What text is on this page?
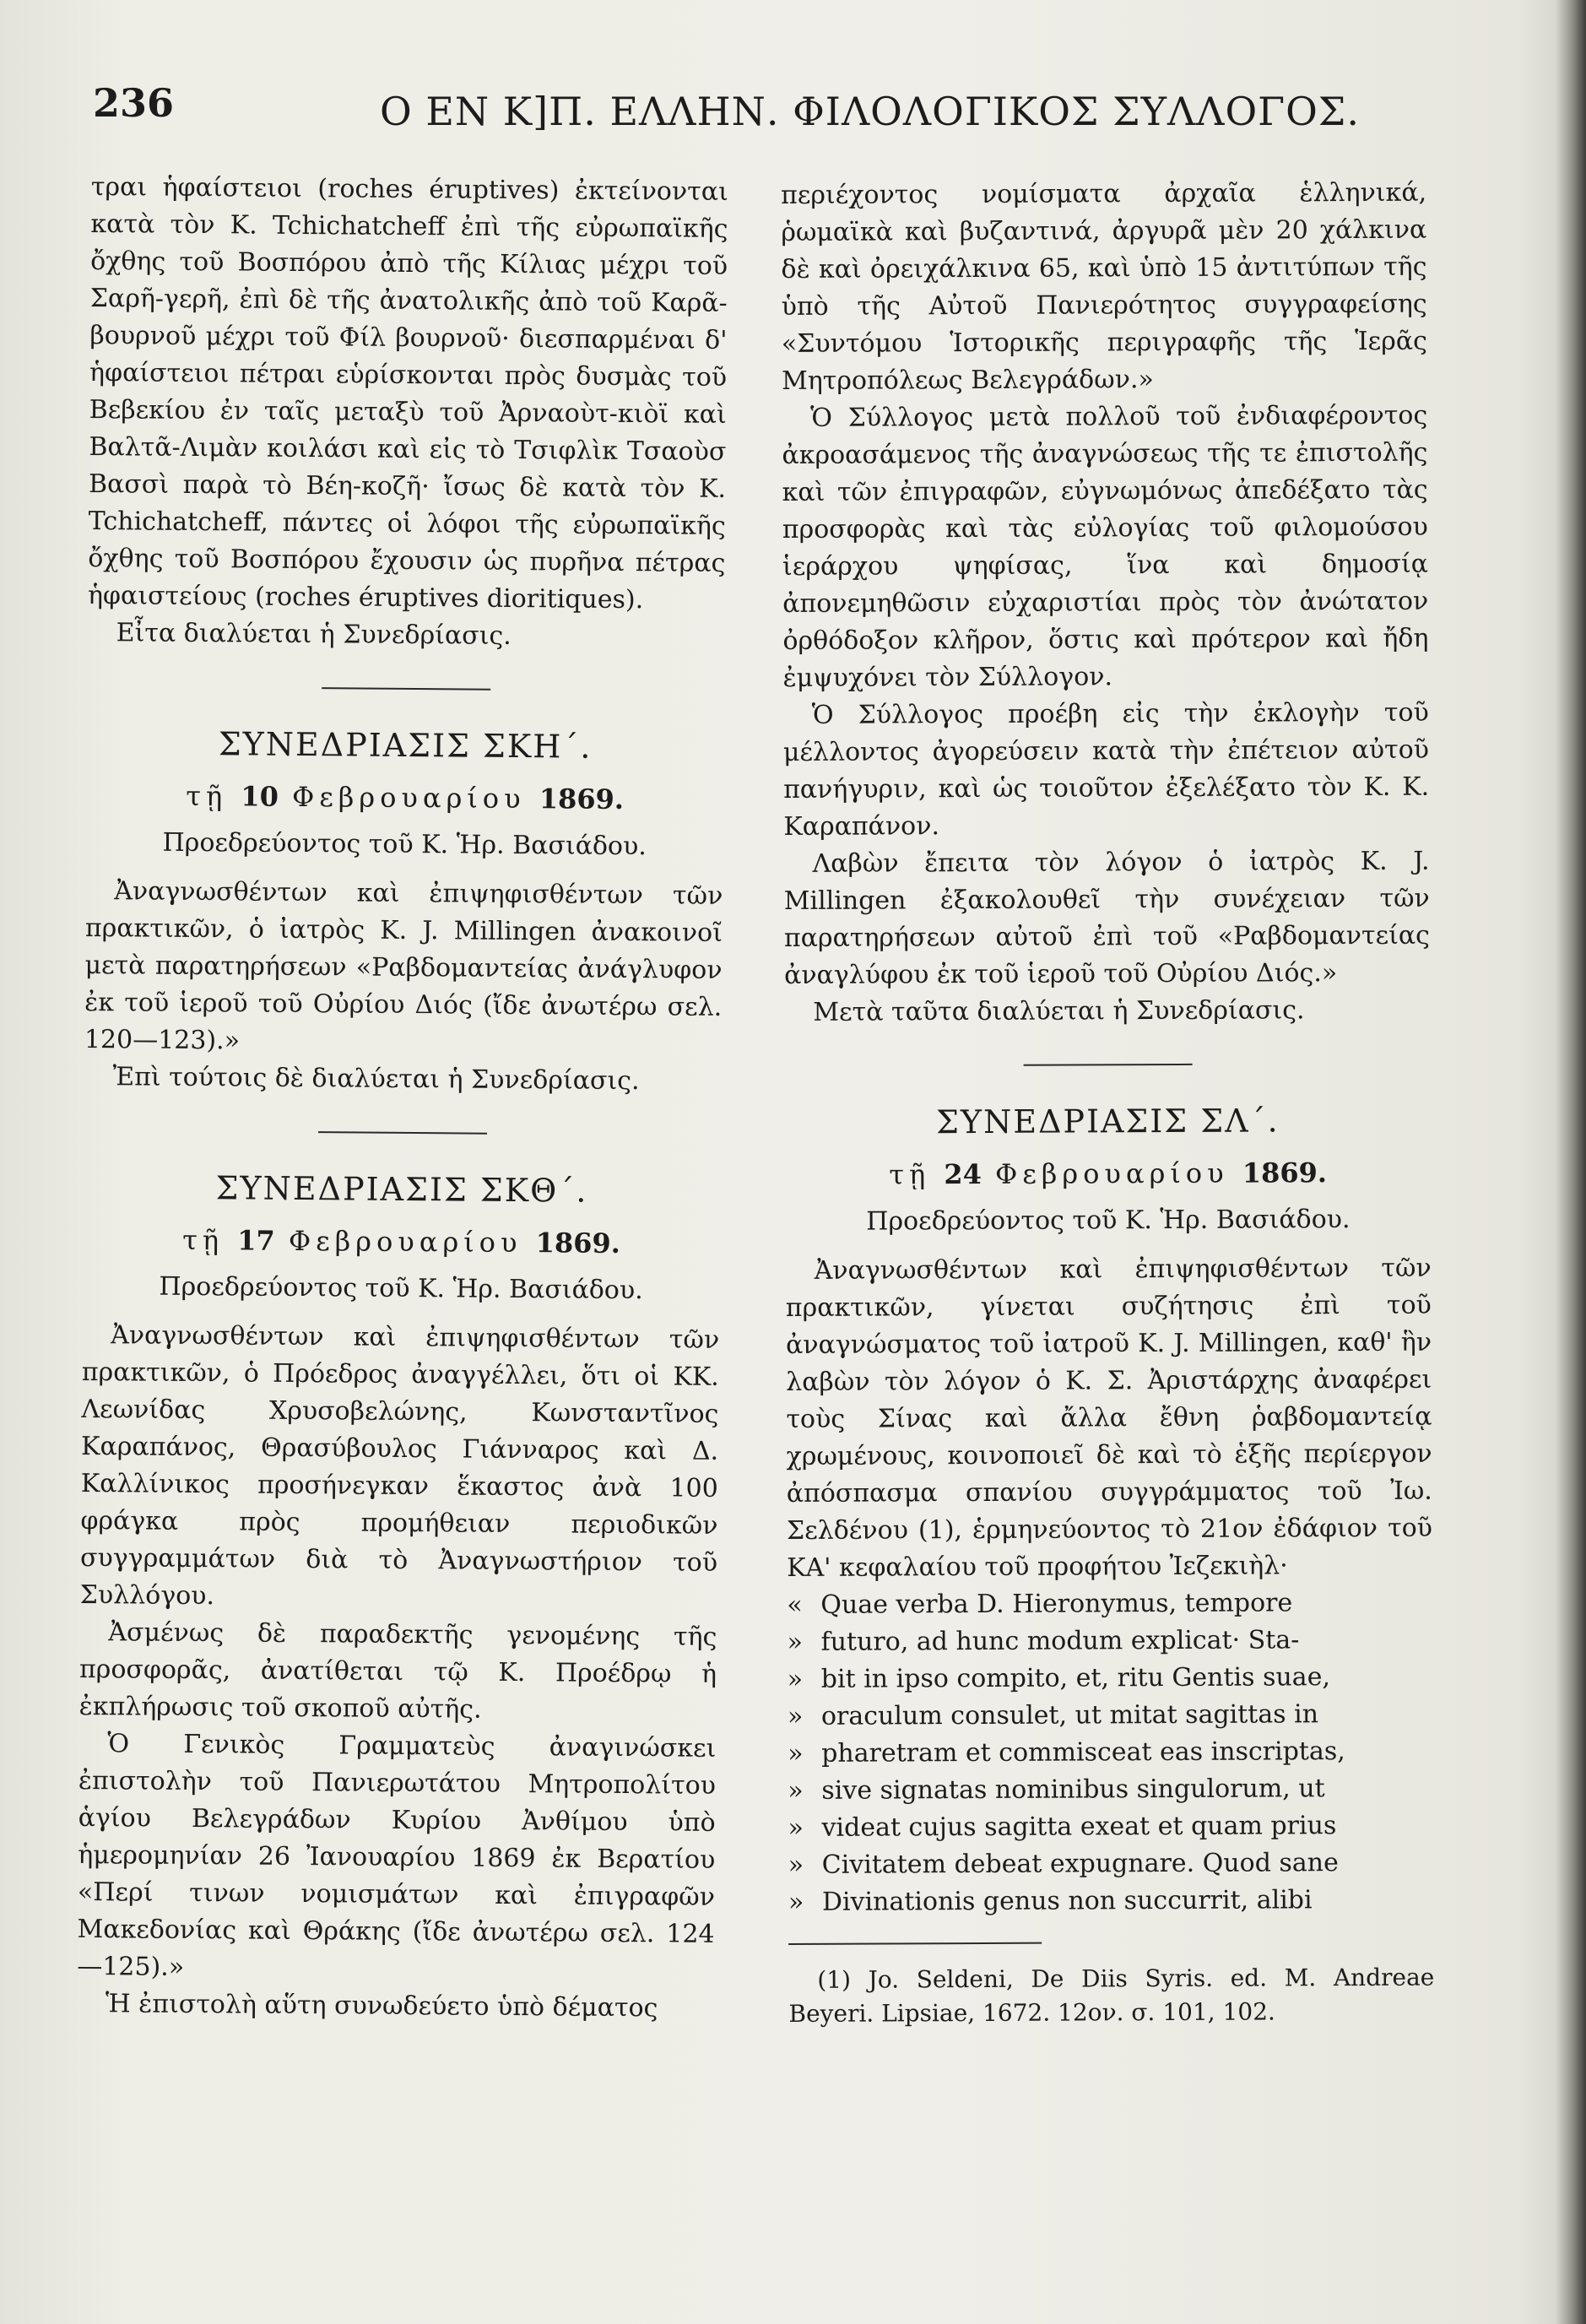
236	Ο ΕΝ Κ]Π. ΕΛΛΗΝ. ΦΙΛΟΛΟΓΙΚΟΣ ΣΥΛΛΟΓΟΣ.

τραι ἡφαίστειοι (roches éruptives) ἐκτείνονται κατὰ τὸν Κ. Tchichatcheff ἐπὶ τῆς εὐρωπαϊκῆς ὄχθης τοῦ Βοσπόρου ἀπὸ τῆς Κίλιας μέχρι τοῦ Σαρῆ-γερῆ, ἐπὶ δὲ τῆς ἀνατολικῆς ἀπὸ τοῦ Καρᾶ-βουρνοῦ μέχρι τοῦ Φίλ βουρνοῦ· διεσπαρμέναι δ' ἡφαίστειοι πέτραι εὑρίσκονται πρὸς δυσμὰς τοῦ Βεβεκίου ἐν ταῖς μεταξὺ τοῦ Ἀρναοὺτ-κιὸϊ καὶ Βαλτᾶ-Λιμὰν κοιλάσι καὶ εἰς τὸ Τσιφλὶκ Τσαοὺσ Βασσὶ παρὰ τὸ Βέη-κοζῆ· ἴσως δὲ κατὰ τὸν Κ. Tchichatcheff, πάντες οἱ λόφοι τῆς εὐρωπαϊκῆς ὄχθης τοῦ Βοσπόρου ἔχουσιν ὡς πυρῆνα πέτρας ἡφαιστείους (roches éruptives dioritiques).

Εἶτα διαλύεται ἡ Συνεδρίασις.

ΣΥΝΕΔΡΙΑΣΙΣ ΣΚΗ΄.

τῇ 10 Φεβρουαρίου 1869.

Προεδρεύοντος τοῦ Κ. Ἡρ. Βασιάδου.

Ἀναγνωσθέντων καὶ ἐπιψηφισθέντων τῶν πρακτικῶν, ὁ ἰατρὸς Κ. J. Millingen ἀνακοινοῖ μετὰ παρατηρήσεων «Ραβδομαντείας ἀνάγλυφον ἐκ τοῦ ἱεροῦ τοῦ Οὐρίου Διός (ἴδε ἀνωτέρω σελ. 120—123).»

Ἐπὶ τούτοις δὲ διαλύεται ἡ Συνεδρίασις.

ΣΥΝΕΔΡΙΑΣΙΣ ΣΚΘ΄.

τῇ 17 Φεβρουαρίου 1869.

Προεδρεύοντος τοῦ Κ. Ἡρ. Βασιάδου.

Ἀναγνωσθέντων καὶ ἐπιψηφισθέντων τῶν πρακτικῶν, ὁ Πρόεδρος ἀναγγέλλει, ὅτι οἱ ΚΚ. Λεωνίδας Χρυσοβελώνης, Κωνσταντῖνος Καραπάνος, Θρασύβουλος Γιάνναρος καὶ Δ. Καλλίνικος προσήνεγκαν ἕκαστος ἀνὰ 100 φράγκα πρὸς προμήθειαν περιοδικῶν συγγραμμάτων διὰ τὸ Ἀναγνωστήριον τοῦ Συλλόγου.

Ἀσμένως δὲ παραδεκτῆς γενομένης τῆς προσφορᾶς, ἀνατίθεται τῷ Κ. Προέδρῳ ἡ ἐκπλήρωσις τοῦ σκοποῦ αὐτῆς.

Ὁ Γενικὸς Γραμματεὺς ἀναγινώσκει ἐπιστολὴν τοῦ Πανιερωτάτου Μητροπολίτου ἁγίου Βελεγράδων Κυρίου Ἀνθίμου ὑπὸ ἡμερομηνίαν 26 Ἰανουαρίου 1869 ἐκ Βερατίου «Περί τινων νομισμάτων καὶ ἐπιγραφῶν Μακεδονίας καὶ Θράκης (ἴδε ἀνωτέρω σελ. 124—125).»

Ἡ ἐπιστολὴ αὕτη συνωδεύετο ὑπὸ δέματος

περιέχοντος νομίσματα ἀρχαῖα ἑλληνικά, ῥωμαϊκὰ καὶ βυζαντινά, ἀργυρᾶ μὲν 20 χάλκινα δὲ καὶ ὀρειχάλκινα 65, καὶ ὑπὸ 15 ἀντιτύπων τῆς ὑπὸ τῆς Αὐτοῦ Πανιερότητος συγγραφείσης «Συντόμου Ἱστορικῆς περιγραφῆς τῆς Ἱερᾶς Μητροπόλεως Βελεγράδων.»

Ὁ Σύλλογος μετὰ πολλοῦ τοῦ ἐνδιαφέροντος ἀκροασάμενος τῆς ἀναγνώσεως τῆς τε ἐπιστολῆς καὶ τῶν ἐπιγραφῶν, εὐγνωμόνως ἀπεδέξατο τὰς προσφορὰς καὶ τὰς εὐλογίας τοῦ φιλομούσου ἱεράρχου ψηφίσας, ἵνα καὶ δημοσίᾳ ἀπονεμηθῶσιν εὐχαριστίαι πρὸς τὸν ἀνώτατον ὀρθόδοξον κλῆρον, ὅστις καὶ πρότερον καὶ ἤδη ἐμψυχόνει τὸν Σύλλογον.

Ὁ Σύλλογος προέβη εἰς τὴν ἐκλογὴν τοῦ μέλλοντος ἀγορεύσειν κατὰ τὴν ἐπέτειον αὐτοῦ πανήγυριν, καὶ ὡς τοιοῦτον ἐξελέξατο τὸν Κ. Κ. Καραπάνον.

Λαβὼν ἔπειτα τὸν λόγον ὁ ἰατρὸς Κ. J. Millingen ἐξακολουθεῖ τὴν συνέχειαν τῶν παρατηρήσεων αὐτοῦ ἐπὶ τοῦ «Ραβδομαντείας ἀναγλύφου ἐκ τοῦ ἱεροῦ τοῦ Οὐρίου Διός.»

Μετὰ ταῦτα διαλύεται ἡ Συνεδρίασις.

ΣΥΝΕΔΡΙΑΣΙΣ ΣΛ΄.

τῇ 24 Φεβρουαρίου 1869.

Προεδρεύοντος τοῦ Κ. Ἡρ. Βασιάδου.

Ἀναγνωσθέντων καὶ ἐπιψηφισθέντων τῶν πρακτικῶν, γίνεται συζήτησις ἐπὶ τοῦ ἀναγνώσματος τοῦ ἰατροῦ Κ. J. Millingen, καθ' ἣν λαβὼν τὸν λόγον ὁ Κ. Σ. Ἀριστάρχης ἀναφέρει τοὺς Σίνας καὶ ἄλλα ἔθνη ῥαβδομαντείᾳ χρωμένους, κοινοποιεῖ δὲ καὶ τὸ ἑξῆς περίεργον ἀπόσπασμα σπανίου συγγράμματος τοῦ Ἰω. Σελδένου (1), ἑρμηνεύοντος τὸ 21ον ἐδάφιον τοῦ ΚΑ' κεφαλαίου τοῦ προφήτου Ἰεζεκιὴλ·

« Quae verba D. Hieronymus, tempore

» futuro, ad hunc modum explicat· Sta-

» bit in ipso compito, et, ritu Gentis suae,

» oraculum consulet, ut mitat sagittas in

» pharetram et commisceat eas inscriptas,

» sive signatas nominibus singulorum, ut

» videat cujus sagitta exeat et quam prius

» Civitatem debeat expugnare. Quod sane

» Divinationis genus non succurrit, alibi

(1) Jo. Seldeni, De Diis Syris. ed. M. Andreae Beyeri. Lipsiae, 1672. 12ον. σ. 101, 102.
